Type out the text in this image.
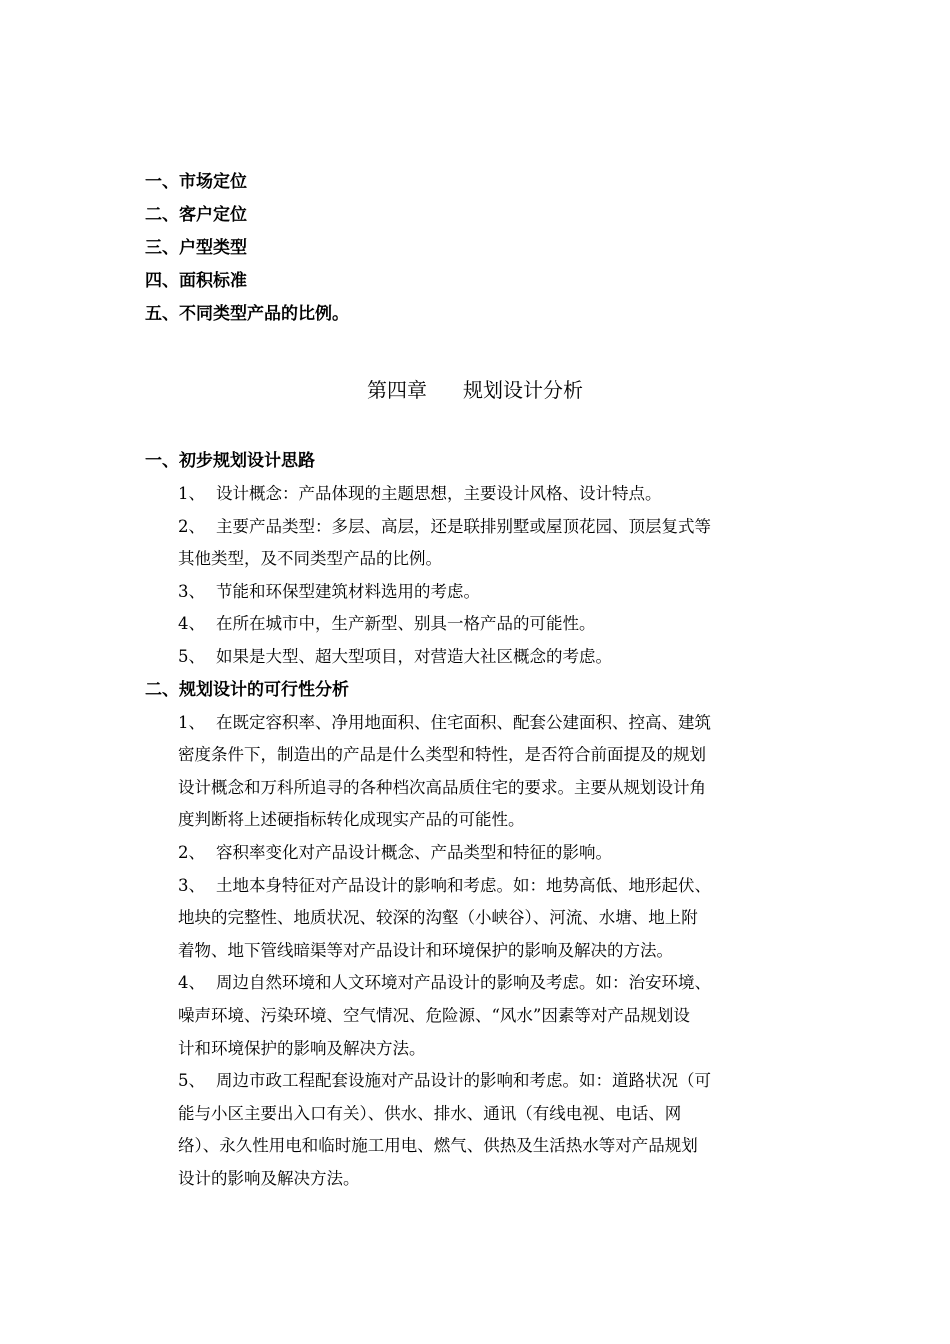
一、市场定位
二、客户定位
三、户型类型
四、面积标准
五、不同类型产品的比例。
第四章 规划设计分析
一、初步规划设计思路
1、 设计概念：产品体现的主题思想，主要设计风格、设计特点。
2、 主要产品类型：多层、高层，还是联排别墅或屋顶花园、顶层复式等
其他类型，及不同类型产品的比例。
3、 节能和环保型建筑材料选用的考虑。
4、 在所在城市中，生产新型、别具一格产品的可能性。
5、 如果是大型、超大型项目，对营造大社区概念的考虑。
二、规划设计的可行性分析
1、 在既定容积率、净用地面积、住宅面积、配套公建面积、控高、建筑
密度条件下，制造出的产品是什么类型和特性，是否符合前面提及的规划
设计概念和万科所追寻的各种档次高品质住宅的要求。主要从规划设计角
度判断将上述硬指标转化成现实产品的可能性。
2、 容积率变化对产品设计概念、产品类型和特征的影响。
3、 土地本身特征对产品设计的影响和考虑。如：地势高低、地形起伏、
地块的完整性、地质状况、较深的沟壑（小峡谷）、河流、水塘、地上附
着物、地下管线暗渠等对产品设计和环境保护的影响及解决的方法。
4、 周边自然环境和人文环境对产品设计的影响及考虑。如：治安环境、
噪声环境、污染环境、空气情况、危险源、“风水”因素等对产品规划设
计和环境保护的影响及解决方法。
5、 周边市政工程配套设施对产品设计的影响和考虑。如：道路状况（可
能与小区主要出入口有关）、供水、排水、通讯（有线电视、电话、网
络）、永久性用电和临时施工用电、燃气、供热及生活热水等对产品规划
设计的影响及解决方法。
